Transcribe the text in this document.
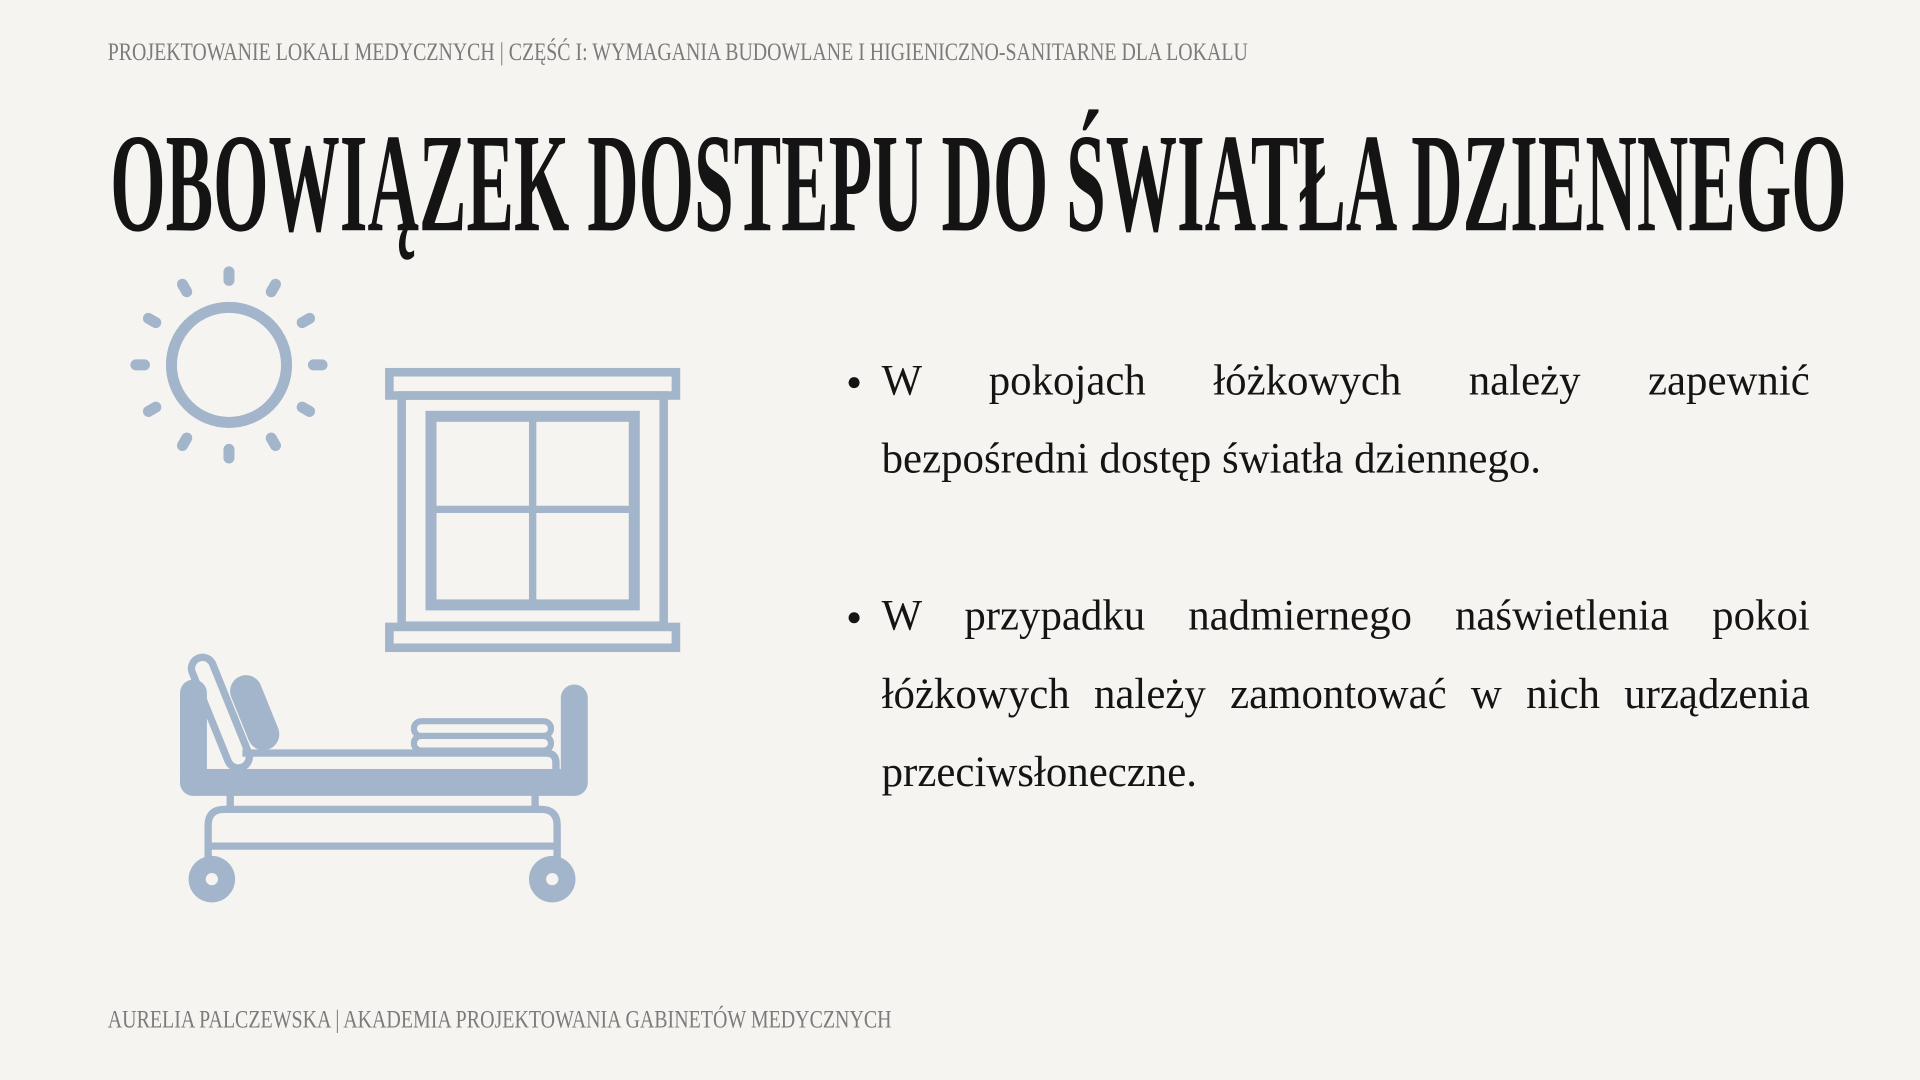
PROJEKTOWANIE LOKALI MEDYCZNYCH | CZĘŚĆ I: WYMAGANIA BUDOWLANE I HIGIENICZNO-SANITARNE DLA LOKALU
OBOWIĄZEK DOSTEPU DO ŚWIATŁA DZIENNEGO
W pokojach łóżkowych należy zapewnić
bezpośredni dostęp światła dziennego.
W przypadku nadmiernego naświetlenia pokoi
łóżkowych należy zamontować w nich urządzenia
przeciwsłoneczne.
AURELIA PALCZEWSKA | AKADEMIA PROJEKTOWANIA GABINETÓW MEDYCZNYCH
